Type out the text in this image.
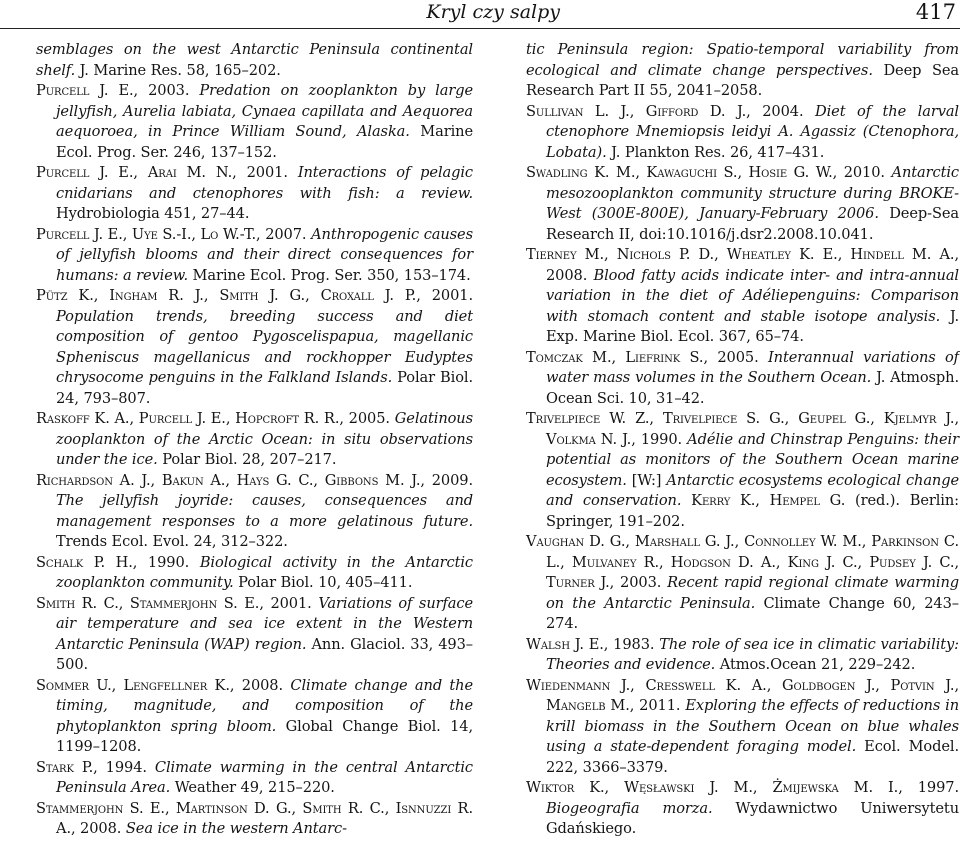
Kryl czy salpy	417
semblages on the west Antarctic Peninsula continental shelf. J. Marine Res. 58, 165–202.
Purcell J. E., 2003. Predation on zooplankton by large jellyfish, Aurelia labiata, Cynaea capillata and Aequorea aequoroea, in Prince William Sound, Alaska. Marine Ecol. Prog. Ser. 246, 137–152.
Purcell J. E., Arai M. N., 2001. Interactions of pelagic cnidarians and ctenophores with fish: a review. Hydrobiologia 451, 27–44.
Purcell J. E., Uye S.-I., Lo W.-T., 2007. Anthropogenic causes of jellyfish blooms and their direct consequences for humans: a review. Marine Ecol. Prog. Ser. 350, 153–174.
Pütz K., Ingham R. J., Smith J. G., Croxall J. P., 2001. Population trends, breeding success and diet composition of gentoo Pygoscelispapua, magellanic Spheniscus magellanicus and rockhopper Eudyptes chrysocome penguins in the Falkland Islands. Polar Biol. 24, 793–807.
Raskoff K. A., Purcell J. E., Hopcroft R. R., 2005. Gelatinous zooplankton of the Arctic Ocean: in situ observations under the ice. Polar Biol. 28, 207–217.
Richardson A. J., Bakun A., Hays G. C., Gibbons M. J., 2009. The jellyfish joyride: causes, consequences and management responses to a more gelatinous future. Trends Ecol. Evol. 24, 312–322.
Schalk P. H., 1990. Biological activity in the Antarctic zooplankton community. Polar Biol. 10, 405–411.
Smith R. C., Stammerjohn S. E., 2001. Variations of surface air temperature and sea ice extent in the Western Antarctic Peninsula (WAP) region. Ann. Glaciol. 33, 493–500.
Sommer U., Lengfellner K., 2008. Climate change and the timing, magnitude, and composition of the phytoplankton spring bloom. Global Change Biol. 14, 1199–1208.
Stark P., 1994. Climate warming in the central Antarctic Peninsula Area. Weather 49, 215–220.
Stammerjohn S. E., Martinson D. G., Smith R. C., Isnnuzzi R. A., 2008. Sea ice in the western Antarc-
tic Peninsula region: Spatio-temporal variability from ecological and climate change perspectives. Deep Sea Research Part II 55, 2041–2058.
Sullivan L. J., Gifford D. J., 2004. Diet of the larval ctenophore Mnemiopsis leidyi A. Agassiz (Ctenophora, Lobata). J. Plankton Res. 26, 417–431.
Swadling K. M., Kawaguchi S., Hosie G. W., 2010. Antarctic mesozooplankton community structure during BROKE-West (300E-800E), January-February 2006. Deep-Sea Research II, doi:10.1016/j.dsr2.2008.10.041.
Tierney M., Nichols P. D., Wheatley K. E., Hindell M. A., 2008. Blood fatty acids indicate inter- and intra-annual variation in the diet of Adéliepenguins: Comparison with stomach content and stable isotope analysis. J. Exp. Marine Biol. Ecol. 367, 65–74.
Tomczak M., Liefrink S., 2005. Interannual variations of water mass volumes in the Southern Ocean. J. Atmosph. Ocean Sci. 10, 31–42.
Trivelpiece W. Z., Trivelpiece S. G., Geupel G., Kjelmyr J., Volkma N. J., 1990. Adélie and Chinstrap Penguins: their potential as monitors of the Southern Ocean marine ecosystem. [W:] Antarctic ecosystems ecological change and conservation. Kerry K., Hempel G. (red.). Berlin: Springer, 191–202.
Vaughan D. G., Marshall G. J., Connolley W. M., Parkinson C. L., Mulvaney R., Hodgson D. A., King J. C., Pudsey J. C., Turner J., 2003. Recent rapid regional climate warming on the Antarctic Peninsula. Climate Change 60, 243–274.
Walsh J. E., 1983. The role of sea ice in climatic variability: Theories and evidence. Atmos.Ocean 21, 229–242.
Wiedenmann J., Cresswell K. A., Goldbogen J., Potvin J., Mangelb M., 2011. Exploring the effects of reductions in krill biomass in the Southern Ocean on blue whales using a state-dependent foraging model. Ecol. Model. 222, 3366–3379.
Wiktor K., Węsławski J. M., Żmijewska M. I., 1997. Biogeografia morza. Wydawnictwo Uniwersytetu Gdańskiego.
